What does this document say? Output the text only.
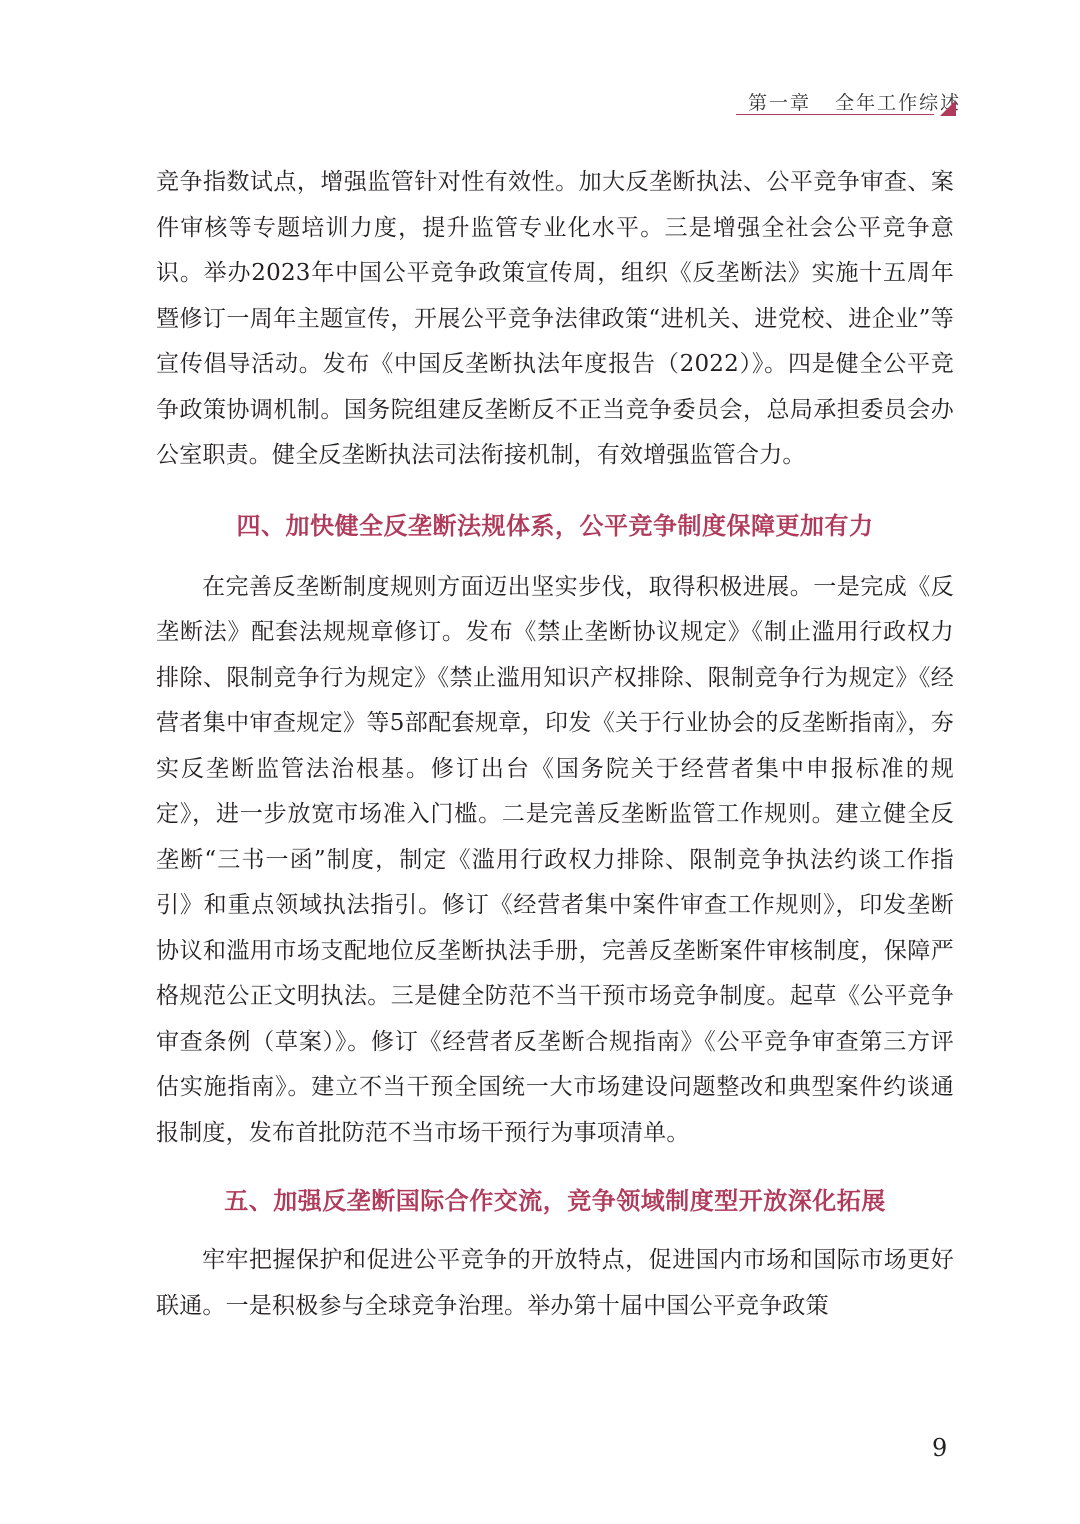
第一章 全年工作综述

竞争指数试点，增强监管针对性有效性。加大反垄断执法、公平竞争审查、案件审核等专题培训力度，提升监管专业化水平。三是增强全社会公平竞争意识。举办2023年中国公平竞争政策宣传周，组织《反垄断法》实施十五周年暨修订一周年主题宣传，开展公平竞争法律政策“进机关、进党校、进企业”等宣传倡导活动。发布《中国反垄断执法年度报告（2022）》。四是健全公平竞争政策协调机制。国务院组建反垄断反不正当竞争委员会，总局承担委员会办公室职责。健全反垄断执法司法衔接机制，有效增强监管合力。

四、加快健全反垄断法规体系，公平竞争制度保障更加有力

在完善反垄断制度规则方面迈出坚实步伐，取得积极进展。一是完成《反垄断法》配套法规规章修订。发布《禁止垄断协议规定》《制止滥用行政权力排除、限制竞争行为规定》《禁止滥用知识产权排除、限制竞争行为规定》《经营者集中审查规定》等5部配套规章，印发《关于行业协会的反垄断指南》，夯实反垄断监管法治根基。修订出台《国务院关于经营者集中申报标准的规定》，进一步放宽市场准入门槛。二是完善反垄断监管工作规则。建立健全反垄断“三书一函”制度，制定《滥用行政权力排除、限制竞争执法约谈工作指引》和重点领域执法指引。修订《经营者集中案件审查工作规则》，印发垄断协议和滥用市场支配地位反垄断执法手册，完善反垄断案件审核制度，保障严格规范公正文明执法。三是健全防范不当干预市场竞争制度。起草《公平竞争审查条例（草案）》。修订《经营者反垄断合规指南》《公平竞争审查第三方评估实施指南》。建立不当干预全国统一大市场建设问题整改和典型案件约谈通报制度，发布首批防范不当市场干预行为事项清单。

五、加强反垄断国际合作交流，竞争领域制度型开放深化拓展

牢牢把握保护和促进公平竞争的开放特点，促进国内市场和国际市场更好联通。一是积极参与全球竞争治理。举办第十届中国公平竞争政策

9
